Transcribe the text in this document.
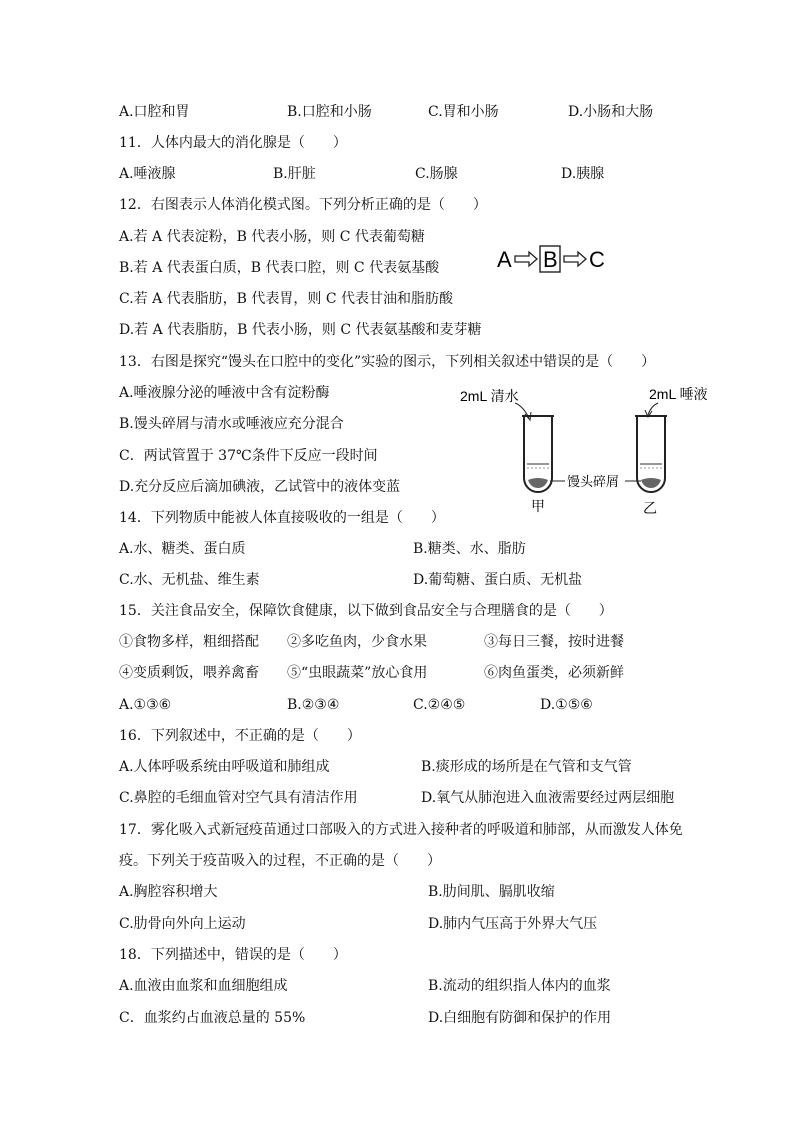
A.口腔和胃	B.口腔和小肠	C.胃和小肠	D.小肠和大肠
11．人体内最大的消化腺是（　　）
A.唾液腺	B.肝脏	C.肠腺	D.胰腺
12．右图表示人体消化模式图。下列分析正确的是（　　）
A.若 A 代表淀粉，B 代表小肠，则 C 代表葡萄糖
B.若 A 代表蛋白质，B 代表口腔，则 C 代表氨基酸
C.若 A 代表脂肪，B 代表胃，则 C 代表甘油和脂肪酸
D.若 A 代表脂肪，B 代表小肠，则 C 代表氨基酸和麦芽糖
A B C
13．右图是探究“馒头在口腔中的变化”实验的图示，下列相关叙述中错误的是（　　）
A.唾液腺分泌的唾液中含有淀粉酶
B.馒头碎屑与清水或唾液应充分混合
C．两试管置于 37℃条件下反应一段时间
D.充分反应后滴加碘液，乙试管中的液体变蓝
2mL 清水	2mL 唾液
馒头碎屑
甲	乙
14．下列物质中能被人体直接吸收的一组是（　　）
A.水、糖类、蛋白质	B.糖类、水、脂肪
C.水、无机盐、维生素	D.葡萄糖、蛋白质、无机盐
15．关注食品安全，保障饮食健康，以下做到食品安全与合理膳食的是（　　）
①食物多样，粗细搭配 ②多吃鱼肉，少食水果	③每日三餐，按时进餐
④变质剩饭，喂养禽畜 ⑤“虫眼蔬菜”放心食用	⑥肉鱼蛋类，必须新鲜
A.①③⑥	B.②③④	C.②④⑤	D.①⑤⑥
16．下列叙述中，不正确的是（　　）
A.人体呼吸系统由呼吸道和肺组成	B.痰形成的场所是在气管和支气管
C.鼻腔的毛细血管对空气具有清洁作用	D.氧气从肺泡进入血液需要经过两层细胞
17．雾化吸入式新冠疫苗通过口部吸入的方式进入接种者的呼吸道和肺部，从而激发人体免
疫。下列关于疫苗吸入的过程，不正确的是（　　）
A.胸腔容积增大	B.肋间肌、膈肌收缩
C.肋骨向外向上运动	D.肺内气压高于外界大气压
18．下列描述中，错误的是（　　）
A.血液由血浆和血细胞组成	B.流动的组织指人体内的血浆
C．血浆约占血液总量的 55%	D.白细胞有防御和保护的作用
